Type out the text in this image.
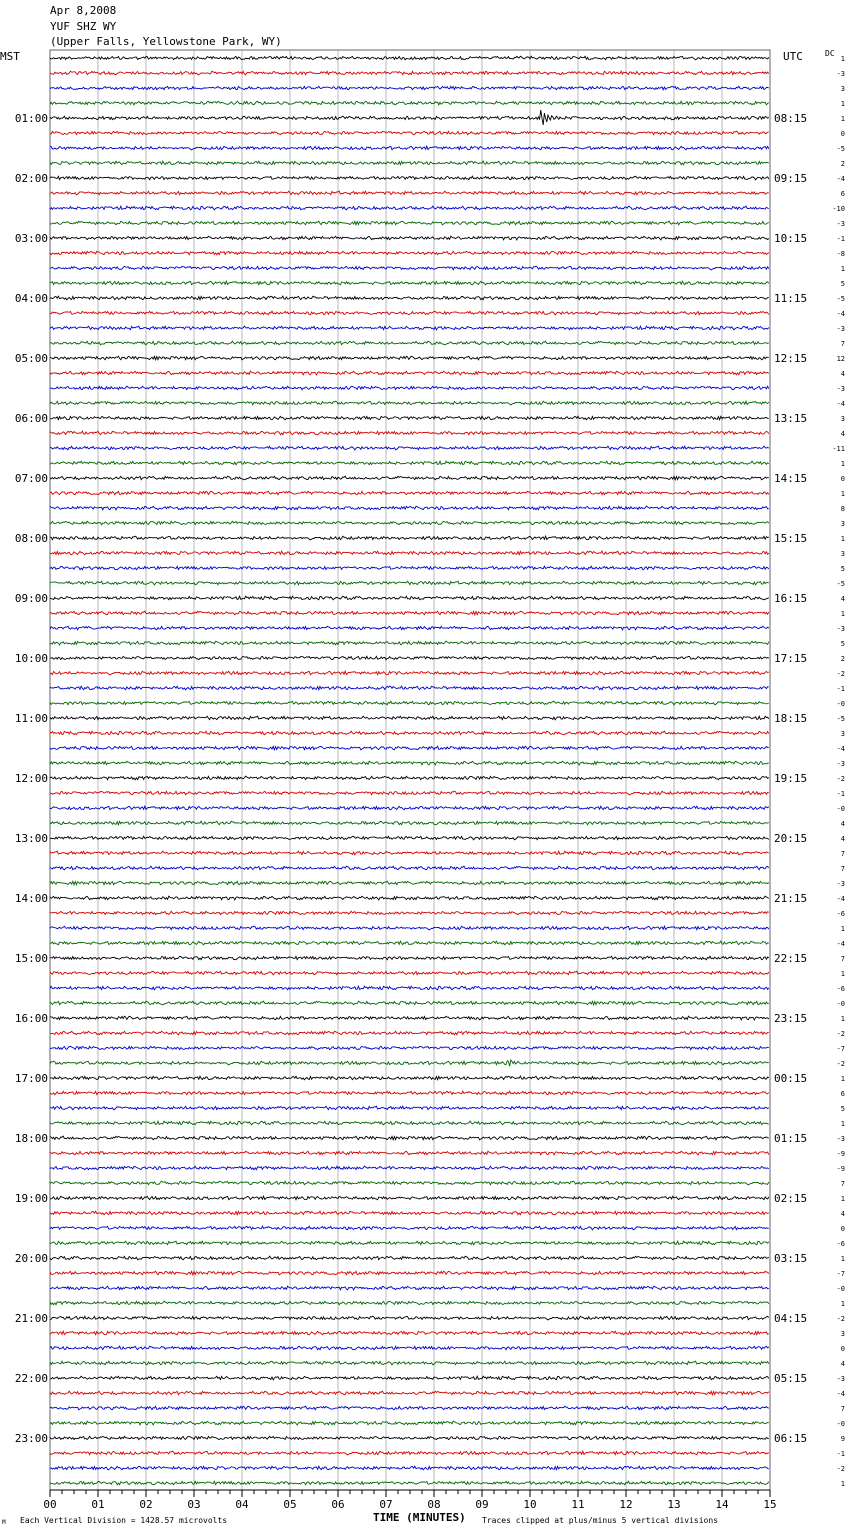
Apr 8,2008
YUF SHZ WY
(Upper Falls, Yellowstone Park, WY)
MST	UTC	DC
00	01	02	03	04	05	06	07	08	09	10	11	12	13	14	15
01:00
02:00
03:00
04:00
05:00
06:00
07:00
08:00
09:00
10:00
11:00
12:00
13:00
14:00
15:00
16:00
17:00
18:00
19:00
20:00
21:00
22:00
23:00
08:15
09:15
10:15
11:15
12:15
13:15
14:15
15:15
16:15
17:15
18:15
19:15
20:15
21:15
22:15
23:15
00:15
01:15
02:15
03:15
04:15
05:15
06:15
1
-3
3
1
1
0
-5
2
-4
6
-10
-3
-1
-8
1
5
-5
-4
-3
7
12
4
-3
-4
3
4
-11
1
0
1
8
3
1
3
5
-5
4
1
-3
5
2
-2
-1
-0
-5
3
-4
-3
-2
-1
-0
4
4
7
7
-3
-4
-6
1
-4
7
1
-6
-0
1
-2
-7
-2
1
6
5
1
-3
-9
-9
7
1
4
0
-6
1
-7
-0
1
-2
3
0
4
-3
-4
7
-0
9
-1
-2
1
TIME (MINUTES)
Each Vertical Division = 1428.57 microvolts	Traces clipped at plus/minus 5 vertical divisions
M
